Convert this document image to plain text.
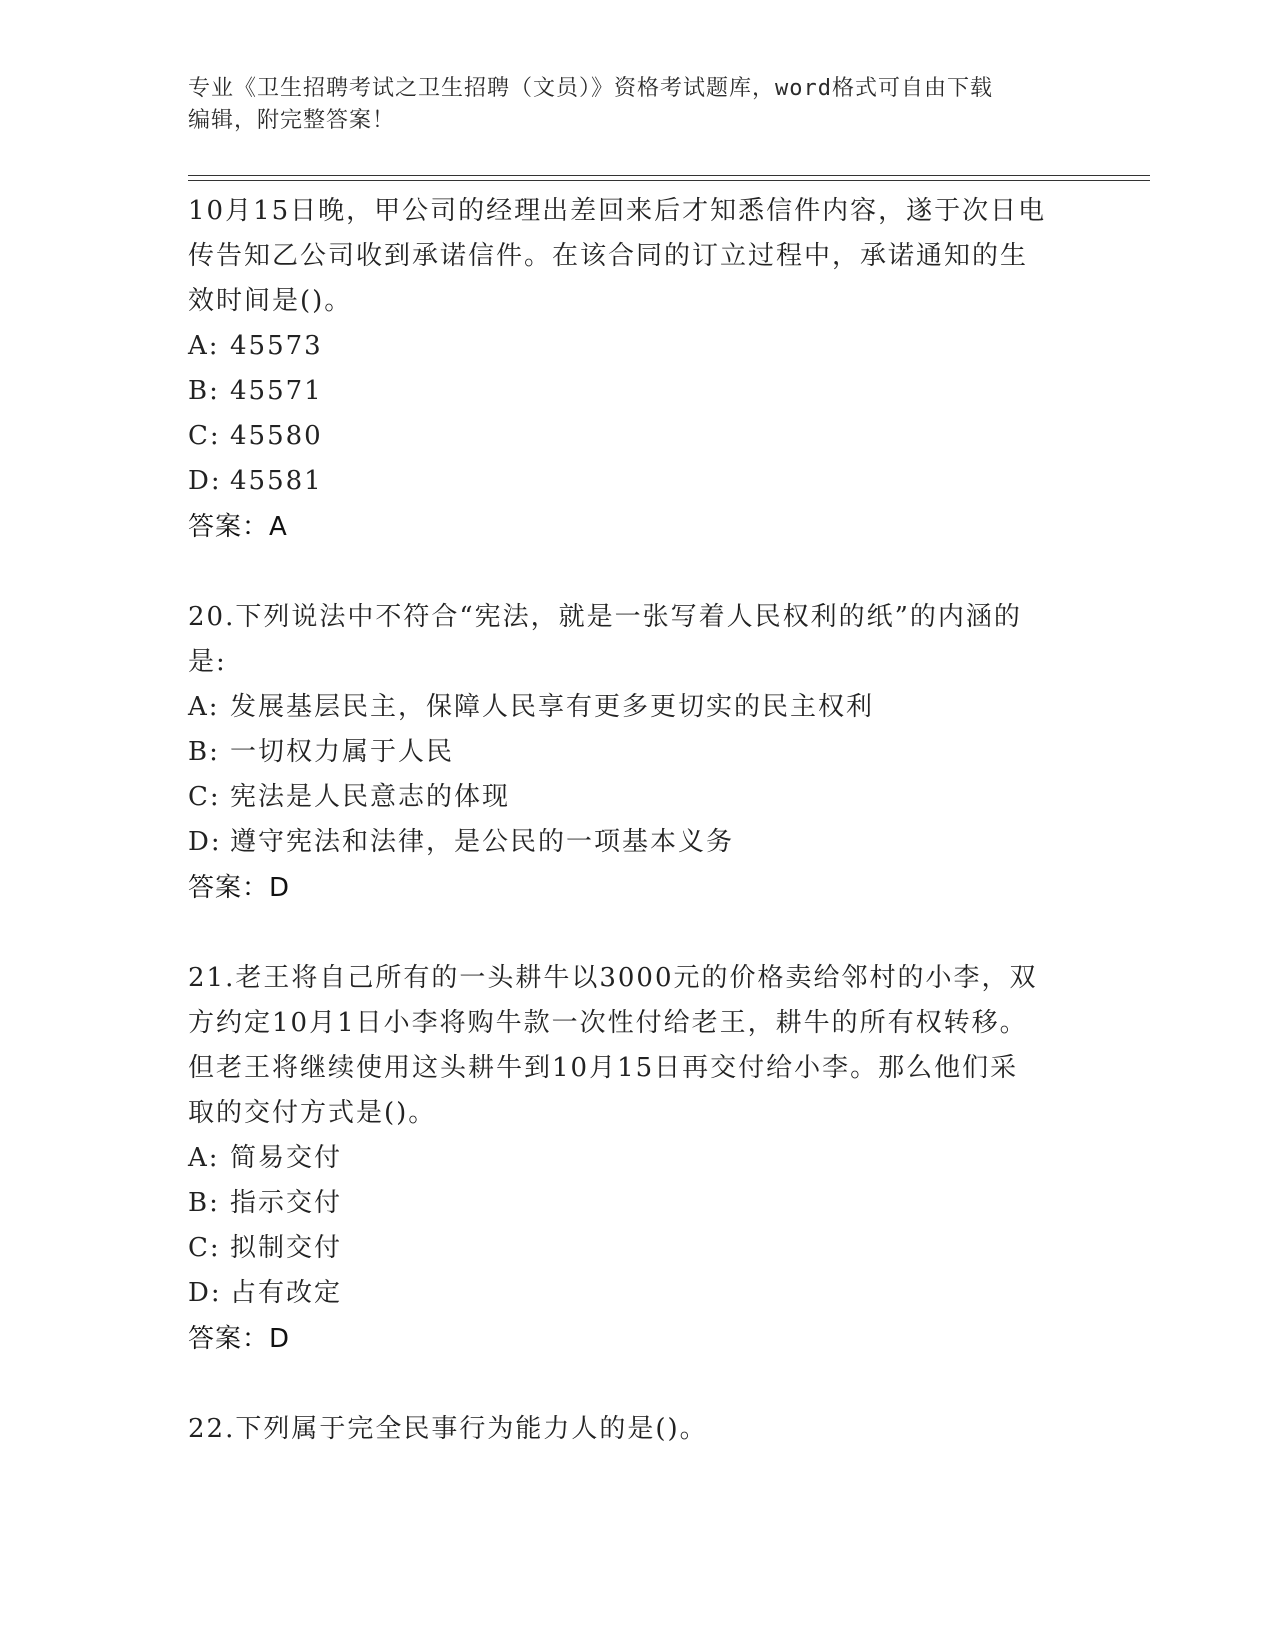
专业《卫生招聘考试之卫生招聘（文员）》资格考试题库，word格式可自由下载
编辑，附完整答案！

10月15日晚，甲公司的经理出差回来后才知悉信件内容，遂于次日电

传告知乙公司收到承诺信件。在该合同的订立过程中，承诺通知的生

效时间是()。

A: 45573

B: 45571

C: 45580

D: 45581

答案：A

20.下列说法中不符合“宪法，就是一张写着人民权利的纸”的内涵的

是:

A: 发展基层民主，保障人民享有更多更切实的民主权利

B: 一切权力属于人民

C: 宪法是人民意志的体现

D: 遵守宪法和法律，是公民的一项基本义务

答案：D

21.老王将自己所有的一头耕牛以3000元的价格卖给邻村的小李，双

方约定10月1日小李将购牛款一次性付给老王，耕牛的所有权转移。

但老王将继续使用这头耕牛到10月15日再交付给小李。那么他们采

取的交付方式是()。

A: 简易交付

B: 指示交付

C: 拟制交付

D: 占有改定

答案：D

22.下列属于完全民事行为能力人的是()。
